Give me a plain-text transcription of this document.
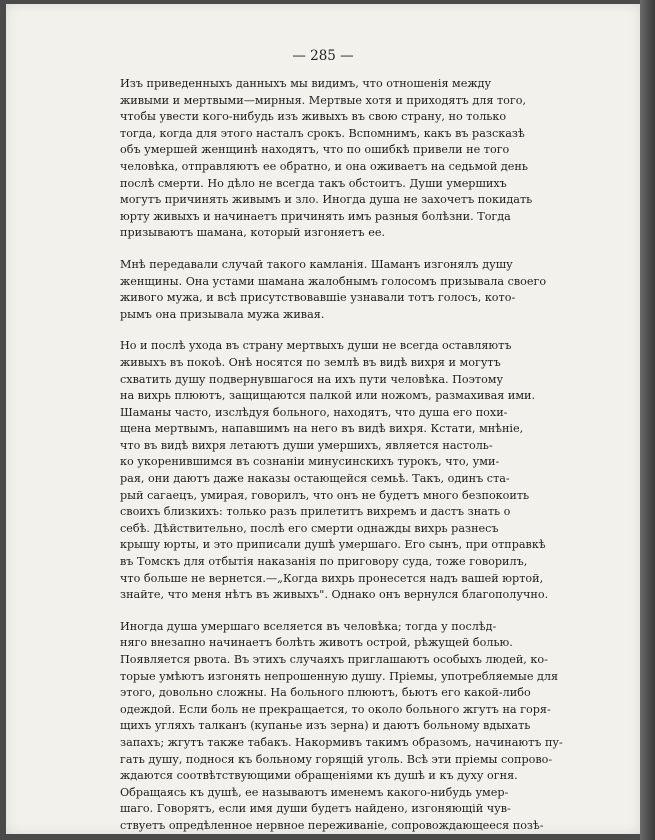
— 285 —

Изъ приведенныхъ данныхъ мы видимъ, что отношенія между
живыми и мертвыми—мирныя. Мертвые хотя и приходятъ для того,
чтобы увести кого-нибудь изъ живыхъ въ свою страну, но только
тогда, когда для этого насталъ срокъ. Вспомнимъ, какъ въ разсказѣ
объ умершей женщинѣ находятъ, что по ошибкѣ привели не того
человѣка, отправляютъ ее обратно, и она оживаетъ на седьмой день
послѣ смерти. Но дѣло не всегда такъ обстоитъ. Души умершихъ
могутъ причинять живымъ и зло. Иногда душа не захочетъ покидать
юрту живыхъ и начинаетъ причинять имъ разныя болѣзни. Тогда
призываютъ шамана, который изгоняетъ ее.

Мнѣ передавали случай такого камланія. Шаманъ изгонялъ душу
женщины. Она устами шамана жалобнымъ голосомъ призывала своего
живого мужа, и всѣ присутствовавшіе узнавали тотъ голосъ, кото-
рымъ она призывала мужа живая.

Но и послѣ ухода въ страну мертвыхъ души не всегда оставляютъ
живыхъ въ покоѣ. Онѣ носятся по землѣ въ видѣ вихря и могутъ
схватить душу подвернувшагося на ихъ пути человѣка. Поэтому
на вихрь плюютъ, защищаются палкой или ножомъ, размахивая ими.
Шаманы часто, изслѣдуя больного, находятъ, что душа его похи-
щена мертвымъ, напавшимъ на него въ видѣ вихря. Кстати, мнѣніе,
что въ видѣ вихря летаютъ души умершихъ, является настоль-
ко укоренившимся въ сознаніи минусинскихъ турокъ, что, уми-
рая, они даютъ даже наказы остающейся семьѣ. Такъ, одинъ ста-
рый сагаецъ, умирая, говорилъ, что онъ не будетъ много безпокоить
своихъ близкихъ: только разъ прилетитъ вихремъ и дастъ знать о
себѣ. Дѣйствительно, послѣ его смерти однажды вихрь разнесъ
крышу юрты, и это приписали душѣ умершаго. Его сынъ, при отправкѣ
въ Томскъ для отбытія наказанія по приговору суда, тоже говорилъ,
что больше не вернется.—„Когда вихрь пронесется надъ вашей юртой,
знайте, что меня нѣтъ въ живыхъ". Однако онъ вернулся благополучно.

Иногда душа умершаго вселяется въ человѣка; тогда у послѣд-
няго внезапно начинаетъ болѣть животъ острой, рѣжущей болью.
Появляется рвота. Въ этихъ случаяхъ приглашаютъ особыхъ людей, ко-
торые умѣютъ изгонять непрошенную душу. Пріемы, употребляемые для
этого, довольно сложны. На больного плюютъ, бьютъ его какой-либо
одеждой. Если боль не прекращается, то около больного жгутъ на горя-
щихъ угляхъ талканъ (купанье изъ зерна) и даютъ больному вдыхать
запахъ; жгутъ также табакъ. Накормивъ такимъ образомъ, начинаютъ пу-
гать душу, поднося къ больному горящій уголь. Всѣ эти пріемы сопрово-
ждаются соотвѣтствующими обращеніями къ душѣ и къ духу огня.
Обращаясь къ душѣ, ее называютъ именемъ какого-нибудь умер-
шаго. Говорятъ, если имя души будетъ найдено, изгоняющій чув-
ствуетъ опредѣленное нервное переживаніе, сопровождающееся позѣ-
